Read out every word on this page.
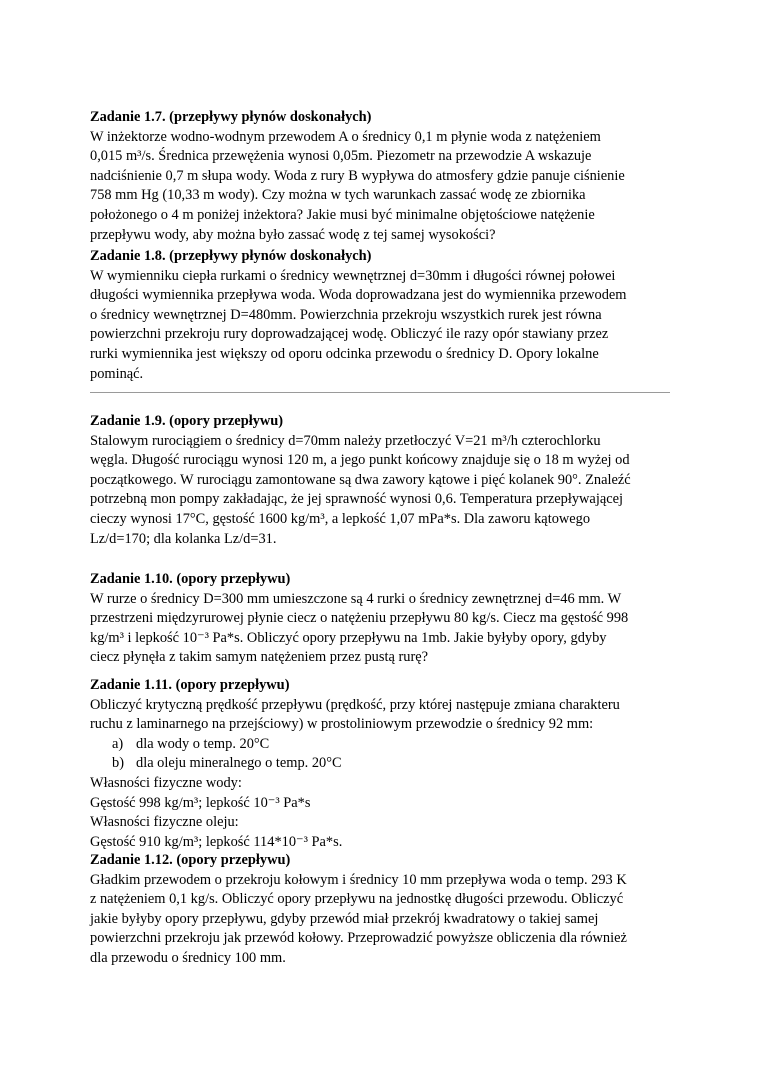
Zadanie 1.7. (przepływy płynów doskonałych)

W inżektorze wodno-wodnym przewodem A o średnicy 0,1 m płynie woda z natężeniem

0,015 m³/s. Średnica przewężenia wynosi 0,05m. Piezometr na przewodzie A wskazuje

nadciśnienie 0,7 m słupa wody. Woda z rury B wypływa do atmosfery gdzie panuje ciśnienie

758 mm Hg (10,33 m wody). Czy można w tych warunkach zassać wodę ze zbiornika

położonego o 4 m poniżej inżektora? Jakie musi być minimalne objętościowe natężenie

przepływu wody, aby można było zassać wodę z tej samej wysokości?

Zadanie 1.8. (przepływy płynów doskonałych)

W wymienniku ciepła rurkami o średnicy wewnętrznej d=30mm i długości równej połowei

długości wymiennika przepływa woda. Woda doprowadzana jest do wymiennika przewodem

o średnicy wewnętrznej D=480mm. Powierzchnia przekroju wszystkich rurek jest równa

powierzchni przekroju rury doprowadzającej wodę. Obliczyć ile razy opór stawiany przez

rurki wymiennika jest większy od oporu odcinka przewodu o średnicy D. Opory lokalne

pominąć.

Zadanie 1.9. (opory przepływu)

Stalowym rurociągiem o średnicy d=70mm należy przetłoczyć V=21 m³/h czterochlorku

węgla. Długość rurociągu wynosi 120 m, a jego punkt końcowy znajduje się o 18 m wyżej od

początkowego. W rurociągu zamontowane są dwa zawory kątowe i pięć kolanek 90°. Znaleźć

potrzebną mon pompy zakładając, że jej sprawność wynosi 0,6. Temperatura przepływającej

cieczy wynosi 17°C, gęstość 1600 kg/m³, a lepkość 1,07 mPa*s. Dla zaworu kątowego

Lz/d=170; dla kolanka Lz/d=31.

Zadanie 1.10. (opory przepływu)

W rurze o średnicy D=300 mm umieszczone są 4 rurki o średnicy zewnętrznej d=46 mm. W

przestrzeni międzyrurowej płynie ciecz o natężeniu przepływu 80 kg/s. Ciecz ma gęstość 998

kg/m³ i lepkość 10⁻³ Pa*s. Obliczyć opory przepływu na 1mb. Jakie byłyby opory, gdyby

ciecz płynęła z takim samym natężeniem przez pustą rurę?

Zadanie 1.11. (opory przepływu)

Obliczyć krytyczną prędkość przepływu (prędkość, przy której następuje zmiana charakteru

ruchu z laminarnego na przejściowy) w prostoliniowym przewodzie o średnicy 92 mm:

a) dla wody o temp. 20°C

b) dla oleju mineralnego o temp. 20°C

Własności fizyczne wody:

Gęstość 998 kg/m³; lepkość 10⁻³ Pa*s

Własności fizyczne oleju:

Gęstość 910 kg/m³; lepkość 114*10⁻³ Pa*s.

Zadanie 1.12. (opory przepływu)

Gładkim przewodem o przekroju kołowym i średnicy 10 mm przepływa woda o temp. 293 K

z natężeniem 0,1 kg/s. Obliczyć opory przepływu na jednostkę długości przewodu. Obliczyć

jakie byłyby opory przepływu, gdyby przewód miał przekrój kwadratowy o takiej samej

powierzchni przekroju jak przewód kołowy. Przeprowadzić powyższe obliczenia dla również

dla przewodu o średnicy 100 mm.
